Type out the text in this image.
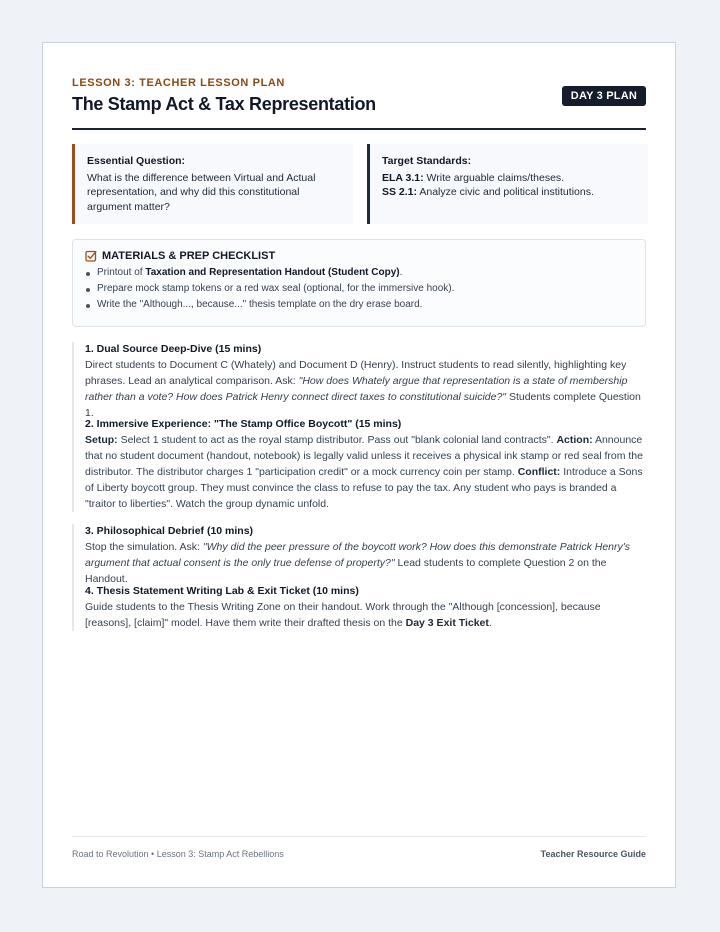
LESSON 3: TEACHER LESSON PLAN
The Stamp Act & Tax Representation	DAY 3 PLAN
Essential Question:
What is the difference between Virtual and Actual representation, and why did this constitutional argument matter?
Target Standards:
ELA 3.1: Write arguable claims/theses.
SS 2.1: Analyze civic and political institutions.
MATERIALS & PREP CHECKLIST
Printout of Taxation and Representation Handout (Student Copy).
Prepare mock stamp tokens or a red wax seal (optional, for the immersive hook).
Write the "Although..., because..." thesis template on the dry erase board.
1. Dual Source Deep-Dive (15 mins)
Direct students to Document C (Whately) and Document D (Henry). Instruct students to read silently, highlighting key phrases. Lead an analytical comparison. Ask: "How does Whately argue that representation is a state of membership rather than a vote? How does Patrick Henry connect direct taxes to constitutional suicide?" Students complete Question 1.
2. Immersive Experience: "The Stamp Office Boycott" (15 mins)
Setup: Select 1 student to act as the royal stamp distributor. Pass out "blank colonial land contracts". Action: Announce that no student document (handout, notebook) is legally valid unless it receives a physical ink stamp or red seal from the distributor. The distributor charges 1 "participation credit" or a mock currency coin per stamp. Conflict: Introduce a Sons of Liberty boycott group. They must convince the class to refuse to pay the tax. Any student who pays is branded a "traitor to liberties". Watch the group dynamic unfold.
3. Philosophical Debrief (10 mins)
Stop the simulation. Ask: "Why did the peer pressure of the boycott work? How does this demonstrate Patrick Henry's argument that actual consent is the only true defense of property?" Lead students to complete Question 2 on the Handout.
4. Thesis Statement Writing Lab & Exit Ticket (10 mins)
Guide students to the Thesis Writing Zone on their handout. Work through the "Although [concession], because [reasons], [claim]" model. Have them write their drafted thesis on the Day 3 Exit Ticket.
Road to Revolution • Lesson 3: Stamp Act Rebellions	Teacher Resource Guide
